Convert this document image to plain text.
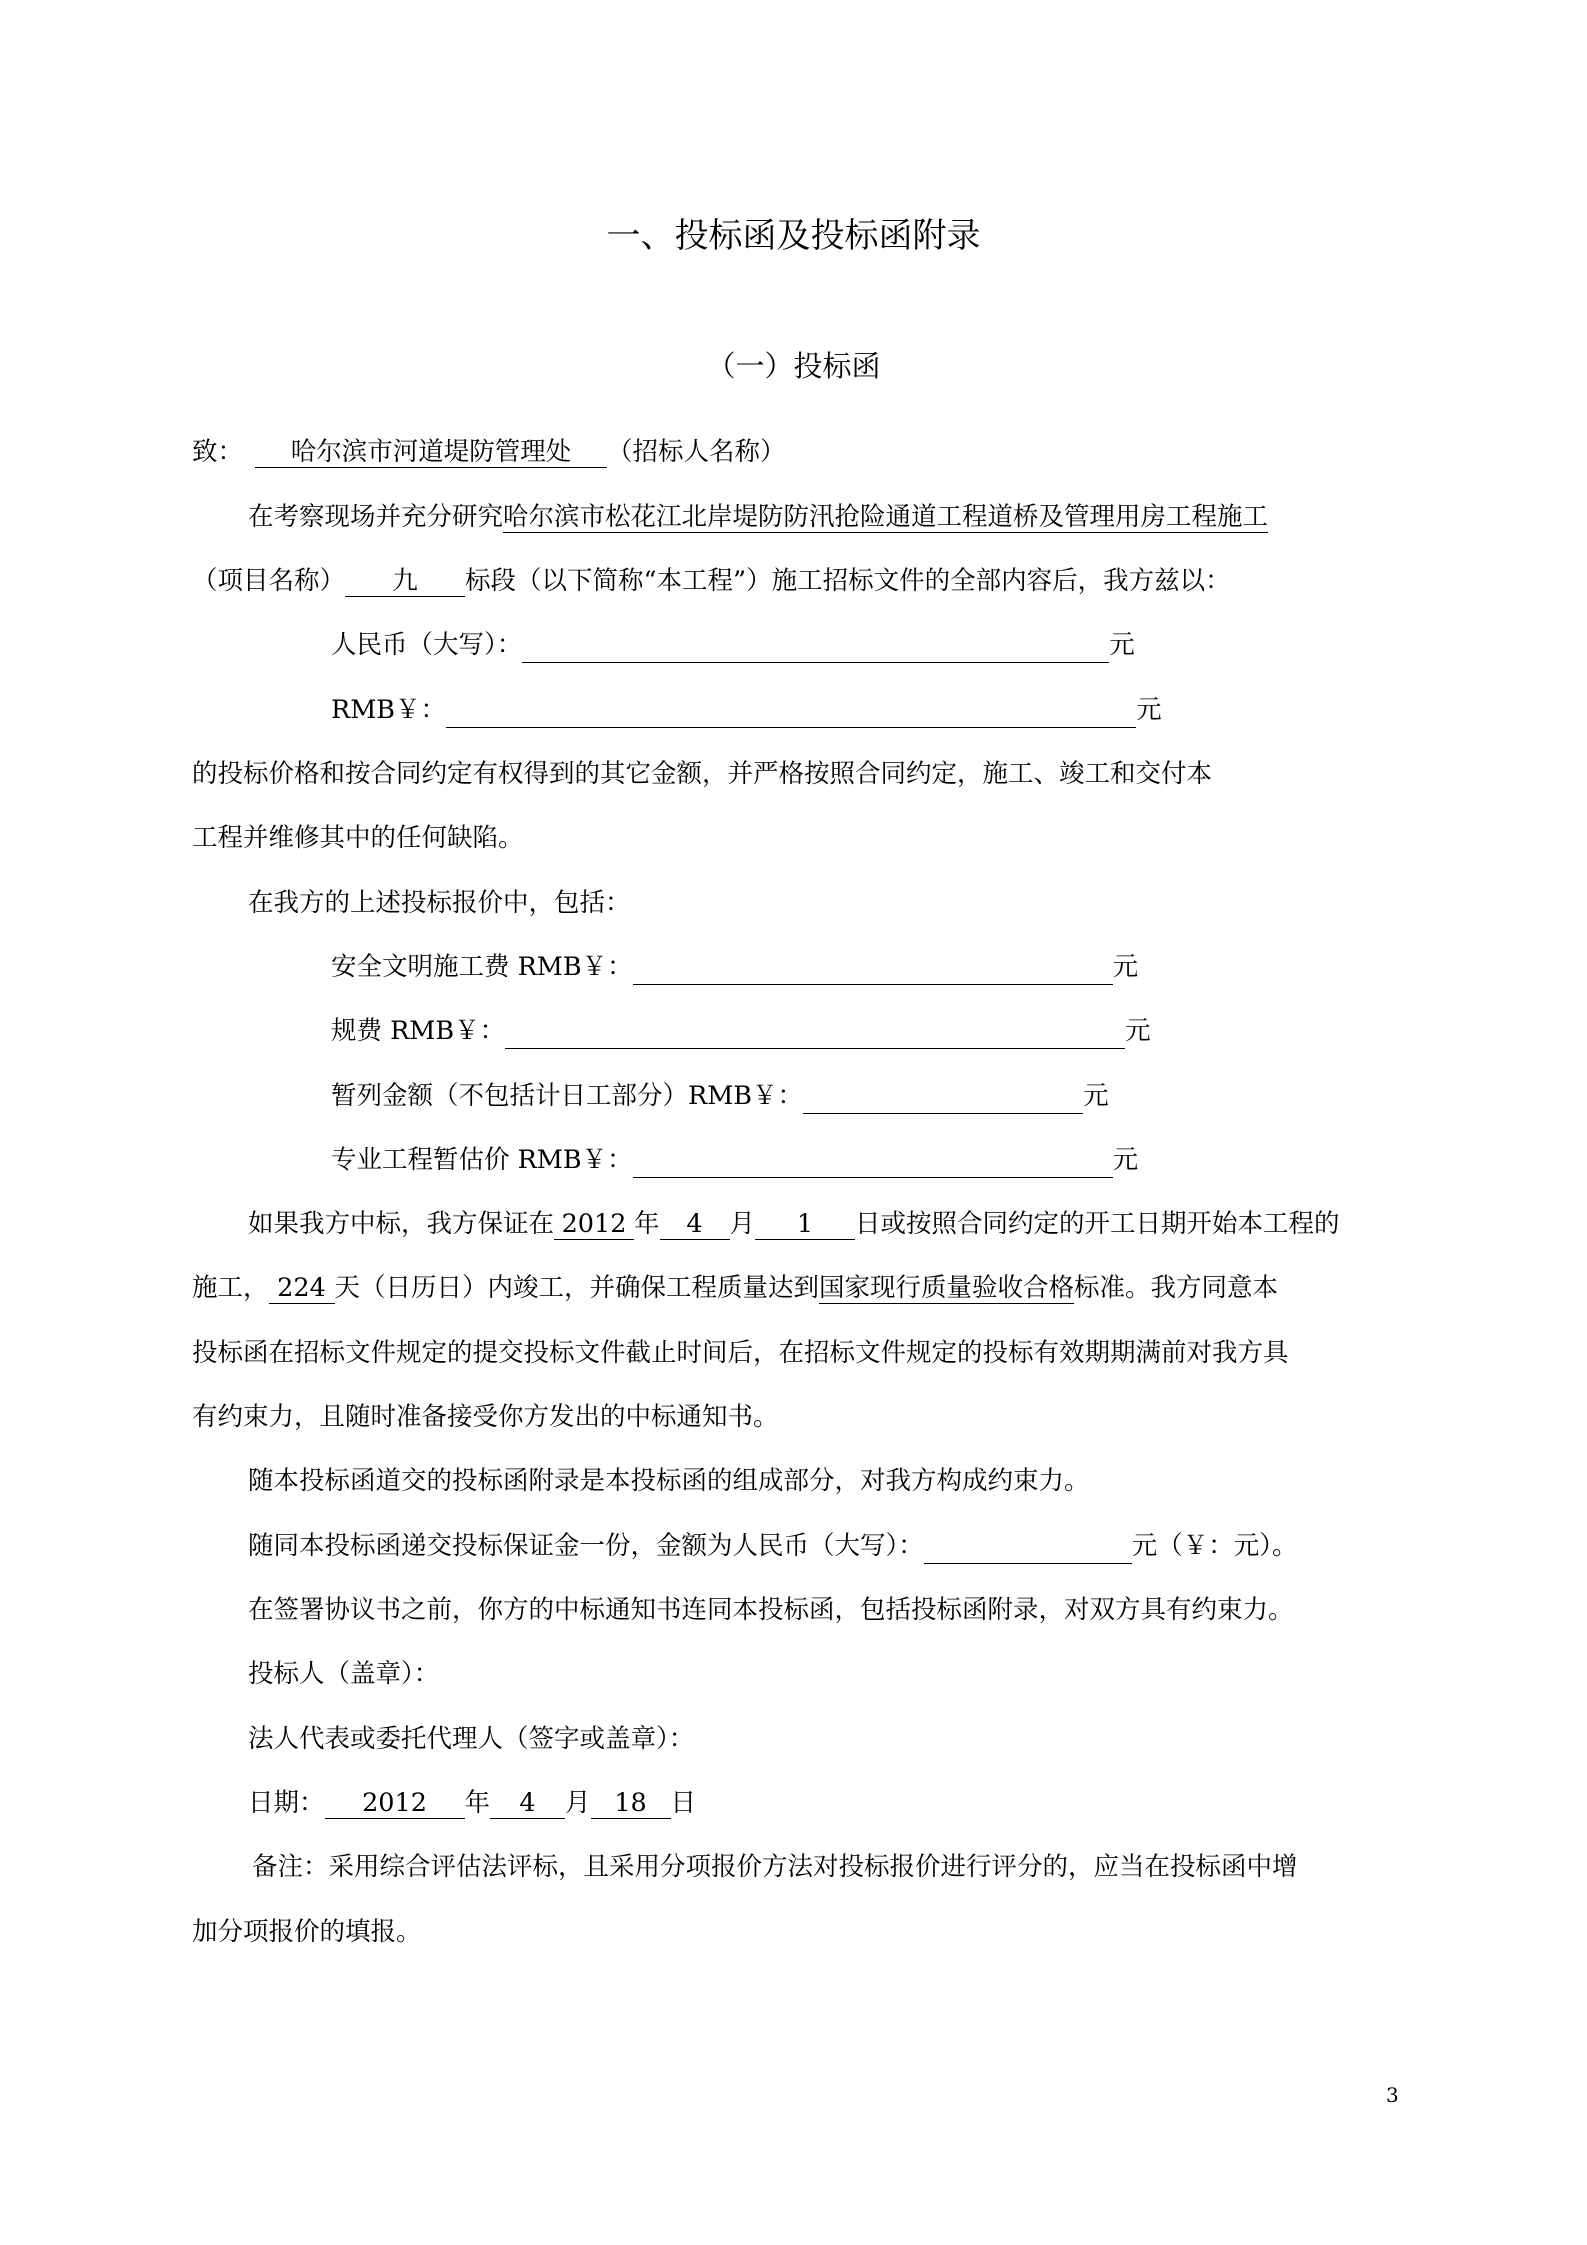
一、投标函及投标函附录
（一）投标函
致： 哈尔滨市河道堤防管理处 （招标人名称）
在考察现场并充分研究哈尔滨市松花江北岸堤防防汛抢险通道工程道桥及管理用房工程施工
（项目名称） 九 标段（以下简称“本工程”）施工招标文件的全部内容后，我方兹以：
人民币（大写）：	元
RMB￥：	元
的投标价格和按合同约定有权得到的其它金额，并严格按照合同约定，施工、竣工和交付本
工程并维修其中的任何缺陷。
在我方的上述投标报价中，包括：
安全文明施工费 RMB￥：	元
规费 RMB￥：	元
暂列金额（不包括计日工部分）RMB￥：	元
专业工程暂估价 RMB￥：	元
如果我方中标，我方保证在 2012 年 4 月 1 日或按照合同约定的开工日期开始本工程的
施工， 224 天（日历日）内竣工，并确保工程质量达到国家现行质量验收合格标准。我方同意本
投标函在招标文件规定的提交投标文件截止时间后，在招标文件规定的投标有效期期满前对我方具
有约束力，且随时准备接受你方发出的中标通知书。
随本投标函道交的投标函附录是本投标函的组成部分，对我方构成约束力。
随同本投标函递交投标保证金一份，金额为人民币（大写）：	元（￥：元）。
在签署协议书之前，你方的中标通知书连同本投标函，包括投标函附录，对双方具有约束力。
投标人（盖章）：
法人代表或委托代理人（签字或盖章）：
日期： 2012 年 4 月 18 日
备注：采用综合评估法评标，且采用分项报价方法对投标报价进行评分的，应当在投标函中增
加分项报价的填报。
3
